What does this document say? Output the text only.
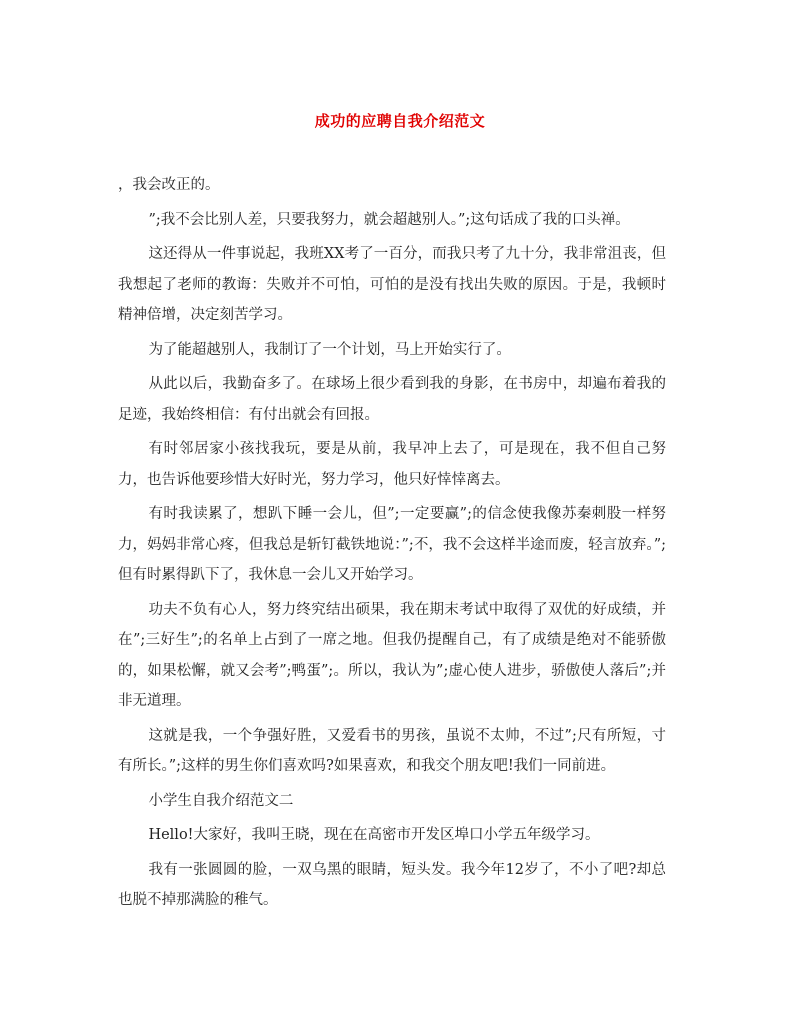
成功的应聘自我介绍范文

，我会改正的。

”;我不会比别人差，只要我努力，就会超越别人。”;这句话成了我的口头禅。

这还得从一件事说起，我班XX考了一百分，而我只考了九十分，我非常沮丧，但我想起了老师的教诲：失败并不可怕，可怕的是没有找出失败的原因。于是，我顿时精神倍增，决定刻苦学习。

为了能超越别人，我制订了一个计划，马上开始实行了。

从此以后，我勤奋多了。在球场上很少看到我的身影，在书房中，却遍布着我的足迹，我始终相信：有付出就会有回报。

有时邻居家小孩找我玩，要是从前，我早冲上去了，可是现在，我不但自己努力，也告诉他要珍惜大好时光，努力学习，他只好悻悻离去。

有时我读累了，想趴下睡一会儿，但”;一定要赢”;的信念使我像苏秦刺股一样努力，妈妈非常心疼，但我总是斩钉截铁地说：”;不，我不会这样半途而废，轻言放弃。”;但有时累得趴下了，我休息一会儿又开始学习。

功夫不负有心人，努力终究结出硕果，我在期末考试中取得了双优的好成绩，并在”;三好生”;的名单上占到了一席之地。但我仍提醒自己，有了成绩是绝对不能骄傲的，如果松懈，就又会考”;鸭蛋”;。所以，我认为”;虚心使人进步，骄傲使人落后”;并非无道理。

这就是我，一个争强好胜，又爱看书的男孩，虽说不太帅，不过”;尺有所短，寸有所长。”;这样的男生你们喜欢吗?如果喜欢，和我交个朋友吧!我们一同前进。

小学生自我介绍范文二

Hello!大家好，我叫王晓，现在在高密市开发区埠口小学五年级学习。

我有一张圆圆的脸，一双乌黑的眼睛，短头发。我今年12岁了，不小了吧?却总也脱不掉那满脸的稚气。
